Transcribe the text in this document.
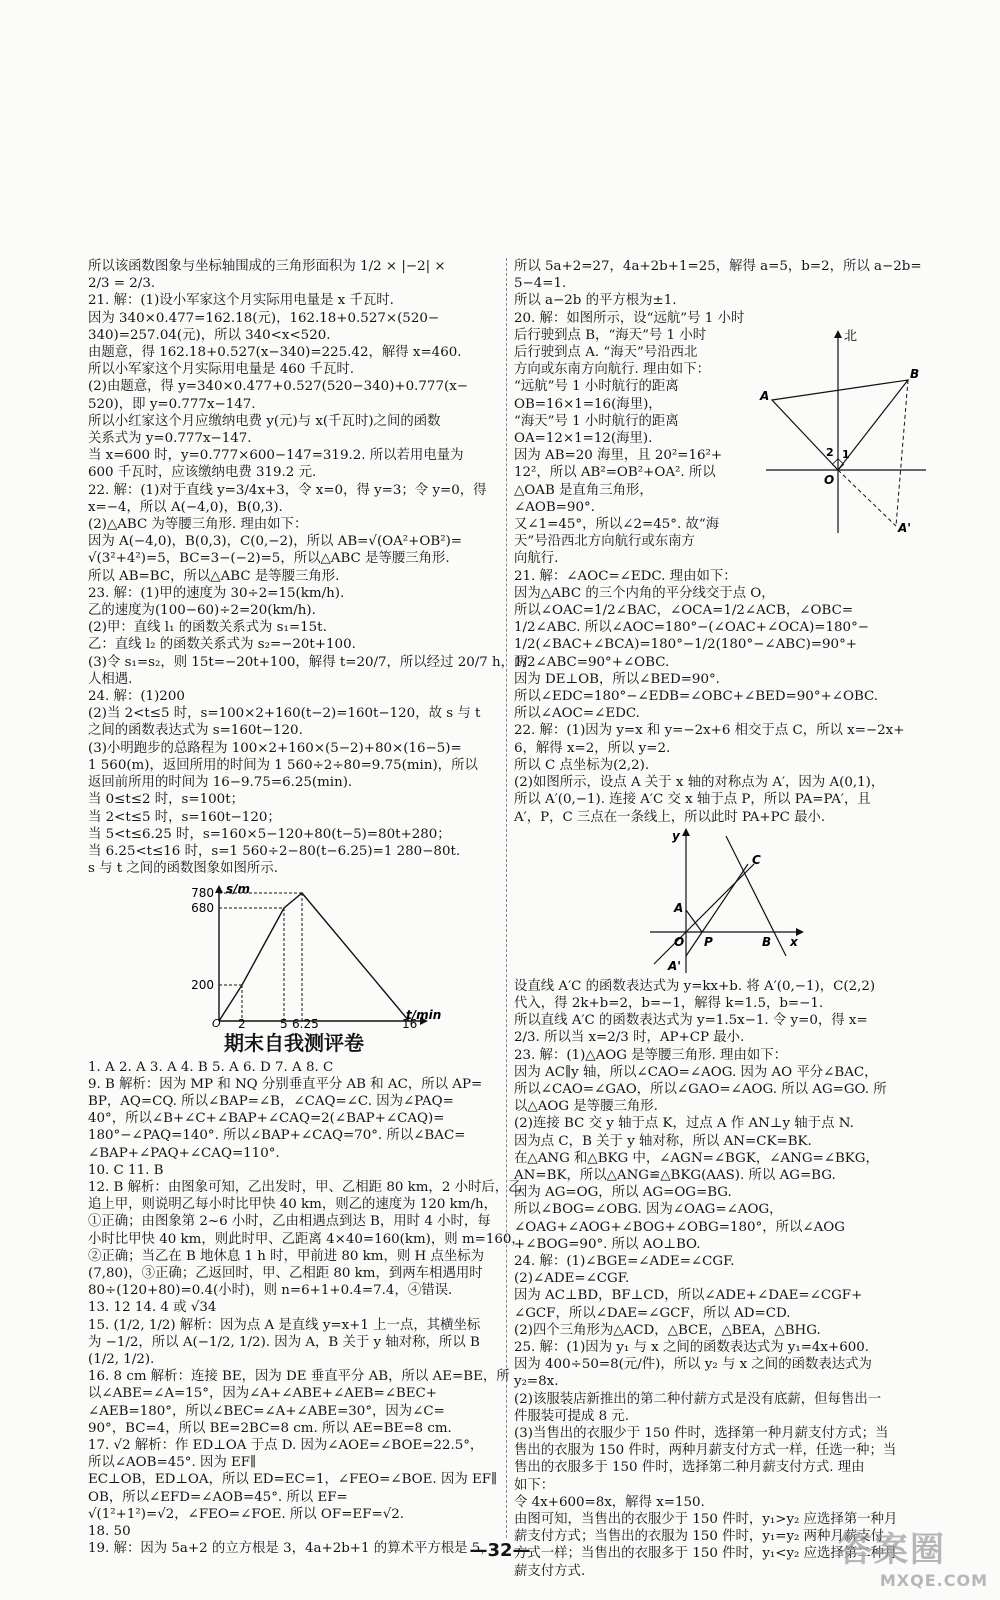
所以该函数图象与坐标轴围成的三角形面积为 1/2 × |−2| ×
2/3 = 2/3.
21. 解：(1)设小军家这个月实际用电量是 x 千瓦时.
因为 340×0.477=162.18(元)，162.18+0.527×(520−
340)=257.04(元)，所以 340<x<520.
由题意，得 162.18+0.527(x−340)=225.42，解得 x=460.
所以小军家这个月实际用电量是 460 千瓦时.
(2)由题意，得 y=340×0.477+0.527(520−340)+0.777(x−
520)，即 y=0.777x−147.
所以小红家这个月应缴纳电费 y(元)与 x(千瓦时)之间的函数
关系式为 y=0.777x−147.
当 x=600 时，y=0.777×600−147=319.2. 所以若用电量为
600 千瓦时，应该缴纳电费 319.2 元.
22. 解：(1)对于直线 y=3/4x+3，令 x=0，得 y=3；令 y=0，得
x=−4，所以 A(−4,0)，B(0,3).
(2)△ABC 为等腰三角形. 理由如下：
因为 A(−4,0)，B(0,3)，C(0,−2)，所以 AB=√(OA²+OB²)=
√(3²+4²)=5，BC=3−(−2)=5，所以△ABC 是等腰三角形.
所以 AB=BC，所以△ABC 是等腰三角形.
23. 解：(1)甲的速度为 30÷2=15(km/h).
乙的速度为(100−60)÷2=20(km/h).
(2)甲：直线 l₁ 的函数关系式为 s₁=15t.
乙：直线 l₂ 的函数关系式为 s₂=−20t+100.
(3)令 s₁=s₂，则 15t=−20t+100，解得 t=20/7，所以经过 20/7 h，两
人相遇.
24. 解：(1)200
(2)当 2<t≤5 时，s=100×2+160(t−2)=160t−120，故 s 与 t
之间的函数表达式为 s=160t−120.
(3)小明跑步的总路程为 100×2+160×(5−2)+80×(16−5)=
1 560(m)，返回所用的时间为 1 560÷2÷80=9.75(min)，所以
返回前所用的时间为 16−9.75=6.25(min).
当 0≤t≤2 时，s=100t；
当 2<t≤5 时，s=160t−120；
当 5<t≤6.25 时，s=160×5−120+80(t−5)=80t+280；
当 6.25<t≤16 时，s=1 560÷2−80(t−6.25)=1 280−80t.
s 与 t 之间的函数图象如图所示.
s/m
t/min
780
680
200
O 2	5 6.25	16
期末自我测评卷
1. A 2. A 3. A 4. B 5. A 6. D 7. A 8. C
9. B 解析：因为 MP 和 NQ 分别垂直平分 AB 和 AC，所以 AP=
BP，AQ=CQ. 所以∠BAP=∠B，∠CAQ=∠C. 因为∠PAQ=
40°，所以∠B+∠C+∠BAP+∠CAQ=2(∠BAP+∠CAQ)=
180°−∠PAQ=140°. 所以∠BAP+∠CAQ=70°. 所以∠BAC=
∠BAP+∠PAQ+∠CAQ=110°.
10. C 11. B
12. B 解析：由图象可知，乙出发时，甲、乙相距 80 km，2 小时后，乙
追上甲，则说明乙每小时比甲快 40 km，则乙的速度为 120 km/h，
①正确；由图象第 2~6 小时，乙由相遇点到达 B，用时 4 小时，每
小时比甲快 40 km，则此时甲、乙距离 4×40=160(km)，则 m=160，
②正确；当乙在 B 地休息 1 h 时，甲前进 80 km，则 H 点坐标为
(7,80)，③正确；乙返回时，甲、乙相距 80 km，到两车相遇用时
80÷(120+80)=0.4(小时)，则 n=6+1+0.4=7.4，④错误.
13. 12 14. 4 或 √34
15. (1/2, 1/2) 解析：因为点 A 是直线 y=x+1 上一点，其横坐标
为 −1/2，所以 A(−1/2, 1/2). 因为 A，B 关于 y 轴对称，所以 B
(1/2, 1/2).
16. 8 cm 解析：连接 BE，因为 DE 垂直平分 AB，所以 AE=BE，所
以∠ABE=∠A=15°，因为∠A+∠ABE+∠AEB=∠BEC+
∠AEB=180°，所以∠BEC=∠A+∠ABE=30°，因为∠C=
90°，BC=4，所以 BE=2BC=8 cm. 所以 AE=BE=8 cm.
17. √2 解析：作 ED⊥OA 于点 D. 因为∠AOE=∠BOE=22.5°，
所以∠AOB=45°. 因为 EF∥
EC⊥OB，ED⊥OA，所以 ED=EC=1，∠FEO=∠BOE. 因为 EF∥
OB，所以∠EFD=∠AOB=45°. 所以 EF=
√(1²+1²)=√2，∠FEO=∠FOE. 所以 OF=EF=√2.
18. 50
19. 解：因为 5a+2 的立方根是 3，4a+2b+1 的算术平方根是 5，
所以 5a+2=27，4a+2b+1=25，解得 a=5，b=2，所以 a−2b=
5−4=1.
所以 a−2b 的平方根为±1.
20. 解：如图所示，设“远航”号 1 小时
后行驶到点 B，“海天”号 1 小时
后行驶到点 A. “海天”号沿西北
方向或东南方向航行. 理由如下：
“远航”号 1 小时航行的距离
OB=16×1=16(海里)，
“海天”号 1 小时航行的距离
OA=12×1=12(海里).
因为 AB=20 海里，且 20²=16²+
12²，所以 AB²=OB²+OA². 所以
△OAB 是直角三角形，
∠AOB=90°.
又∠1=45°，所以∠2=45°. 故“海
天”号沿西北方向航行或东南方
向航行.
北
A
B
O
A'
1
2
21. 解：∠AOC=∠EDC. 理由如下：
因为△ABC 的三个内角的平分线交于点 O，
所以∠OAC=1/2∠BAC，∠OCA=1/2∠ACB，∠OBC=
1/2∠ABC. 所以∠AOC=180°−(∠OAC+∠OCA)=180°−
1/2(∠BAC+∠BCA)=180°−1/2(180°−∠ABC)=90°+
1/2∠ABC=90°+∠OBC.
因为 DE⊥OB，所以∠BED=90°.
所以∠EDC=180°−∠EDB=∠OBC+∠BED=90°+∠OBC.
所以∠AOC=∠EDC.
22. 解：(1)因为 y=x 和 y=−2x+6 相交于点 C，所以 x=−2x+
6，解得 x=2，所以 y=2.
所以 C 点坐标为(2,2).
(2)如图所示，设点 A 关于 x 轴的对称点为 A′，因为 A(0,1)，
所以 A′(0,−1). 连接 A′C 交 x 轴于点 P，所以 PA=PA′，且
A′，P，C 三点在一条线上，所以此时 PA+PC 最小.
y
C
A
O P	B x
A'
设直线 A′C 的函数表达式为 y=kx+b. 将 A′(0,−1)，C(2,2)
代入，得 2k+b=2，b=−1，解得 k=1.5，b=−1.
所以直线 A′C 的函数表达式为 y=1.5x−1. 令 y=0，得 x=
2/3. 所以当 x=2/3 时，AP+CP 最小.
23. 解：(1)△AOG 是等腰三角形. 理由如下：
因为 AC∥y 轴，所以∠CAO=∠AOG. 因为 AO 平分∠BAC，
所以∠CAO=∠GAO，所以∠GAO=∠AOG. 所以 AG=GO. 所
以△AOG 是等腰三角形.
(2)连接 BC 交 y 轴于点 K，过点 A 作 AN⊥y 轴于点 N.
因为点 C，B 关于 y 轴对称，所以 AN=CK=BK.
在△ANG 和△BKG 中，∠AGN=∠BGK，∠ANG=∠BKG，
AN=BK，所以△ANG≌△BKG(AAS). 所以 AG=BG.
因为 AG=OG，所以 AG=OG=BG.
所以∠BOG=∠OBG. 因为∠OAG=∠AOG，
∠OAG+∠AOG+∠BOG+∠OBG=180°，所以∠AOG
+∠BOG=90°. 所以 AO⊥BO.
24. 解：(1)∠BGE=∠ADE=∠CGF.
(2)∠ADE=∠CGF.
因为 AC⊥BD，BF⊥CD，所以∠ADE+∠DAE=∠CGF+
∠GCF，所以∠DAE=∠GCF，所以 AD=CD.
(2)四个三角形为△ACD，△BCE，△BEA，△BHG.
25. 解：(1)因为 y₁ 与 x 之间的函数表达式为 y₁=4x+600.
因为 400÷50=8(元/件)，所以 y₂ 与 x 之间的函数表达式为
y₂=8x.
(2)该服装店新推出的第二种付薪方式是没有底薪，但每售出一
件服装可提成 8 元.
(3)当售出的衣服少于 150 件时，选择第一种月薪支付方式；当
售出的衣服为 150 件时，两种月薪支付方式一样，任选一种；当
售出的衣服多于 150 件时，选择第二种月薪支付方式. 理由
如下：
令 4x+600=8x，解得 x=150.
由图可知，当售出的衣服少于 150 件时，y₁>y₂ 应选择第一种月
薪支付方式；当售出的衣服为 150 件时，y₁=y₂ 两种月薪支付
方式一样；当售出的衣服多于 150 件时，y₁<y₂ 应选择第二种月
薪支付方式.
—32—	答案圈
MXQE.COM
